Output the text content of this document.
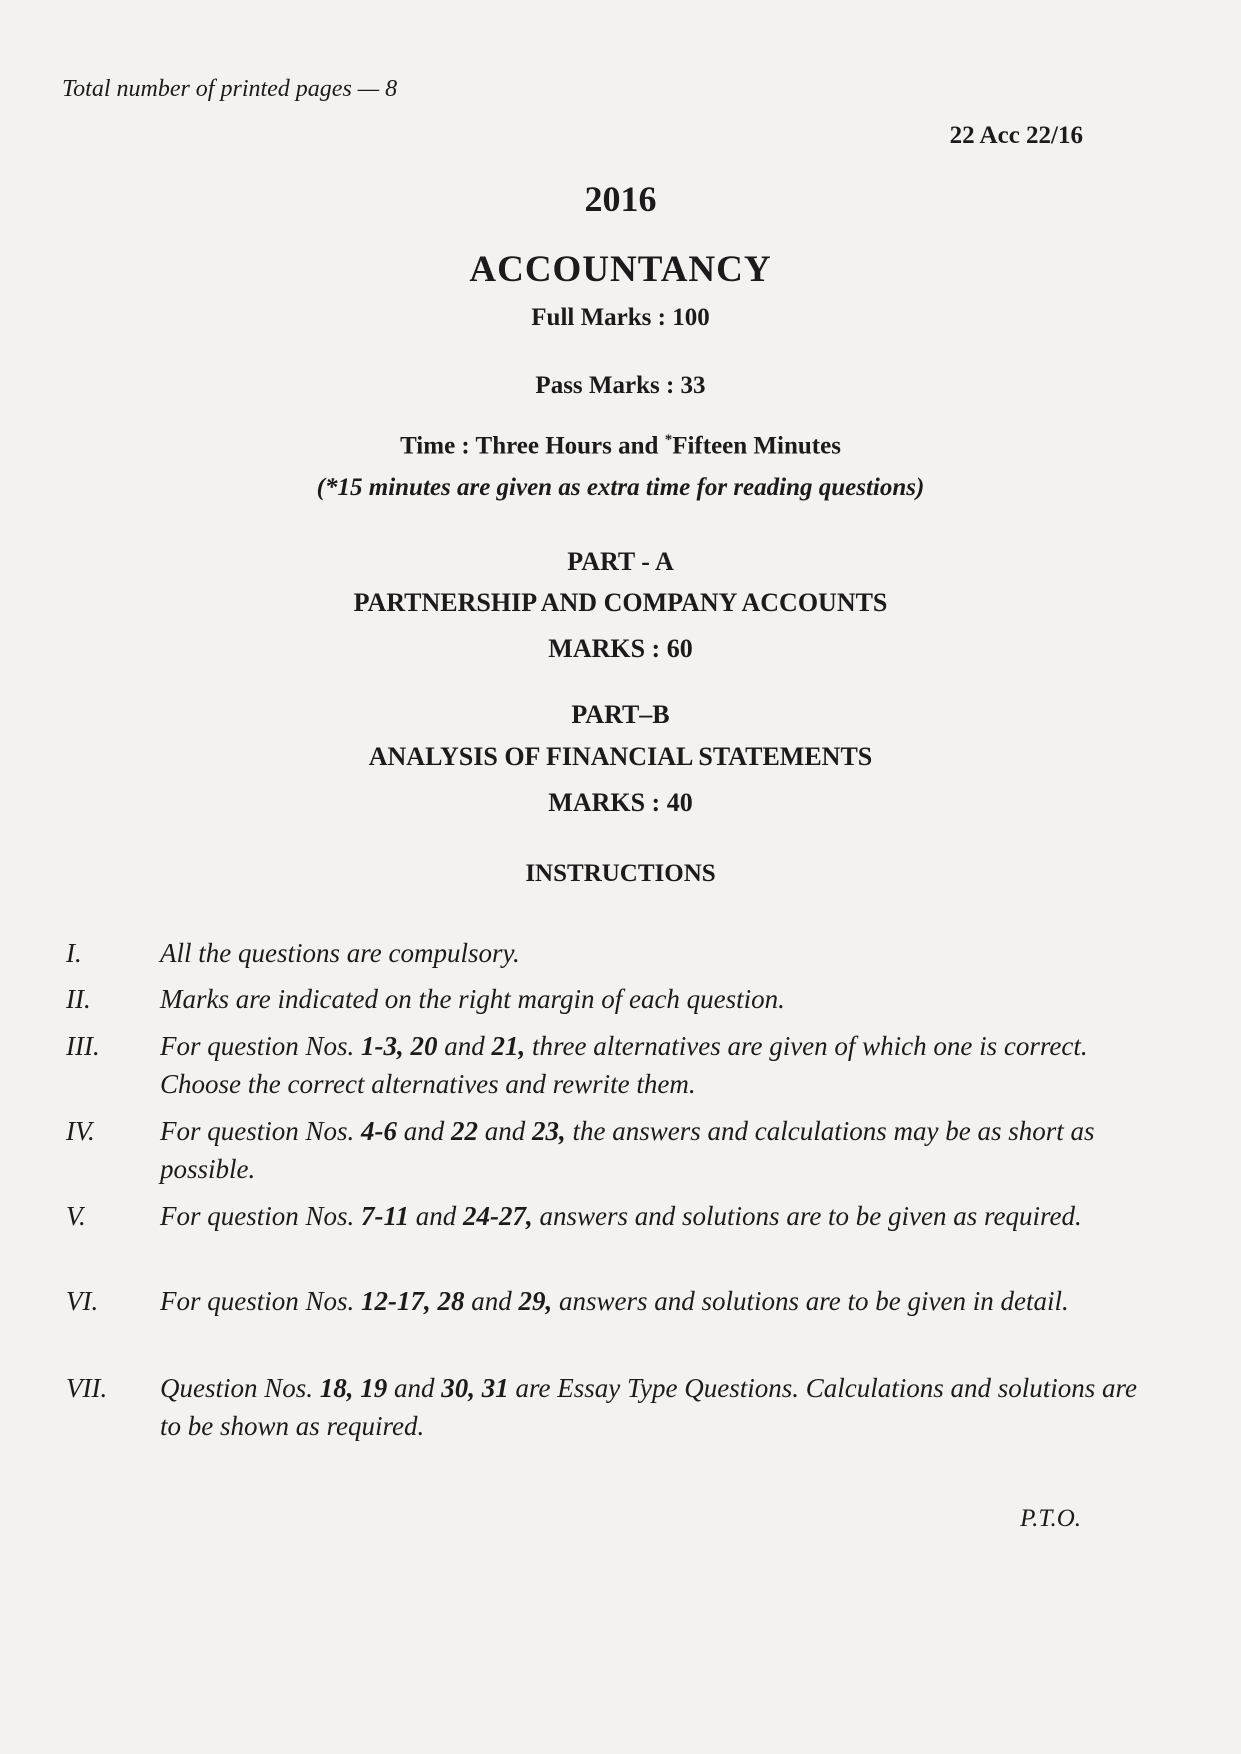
Total number of printed pages — 8
22 Acc 22/16
2016
ACCOUNTANCY
Full Marks : 100
Pass Marks : 33
Time : Three Hours and *Fifteen Minutes
(*15 minutes are given as extra time for reading questions)
PART - A
PARTNERSHIP AND COMPANY ACCOUNTS
MARKS : 60
PART–B
ANALYSIS OF FINANCIAL STATEMENTS
MARKS : 40
INSTRUCTIONS
I.	All the questions are compulsory.
II.	Marks are indicated on the right margin of each question.
III.	For question Nos. 1-3, 20 and 21, three alternatives are given of which one is correct. Choose the correct alternatives and rewrite them.
IV.	For question Nos. 4-6 and 22 and 23, the answers and calculations may be as short as possible.
V.	For question Nos. 7-11 and 24-27, answers and solutions are to be given as required.
VI.	For question Nos. 12-17, 28 and 29, answers and solutions are to be given in detail.
VII.	Question Nos. 18, 19 and 30, 31 are Essay Type Questions. Calculations and solutions are to be shown as required.
P.T.O.
